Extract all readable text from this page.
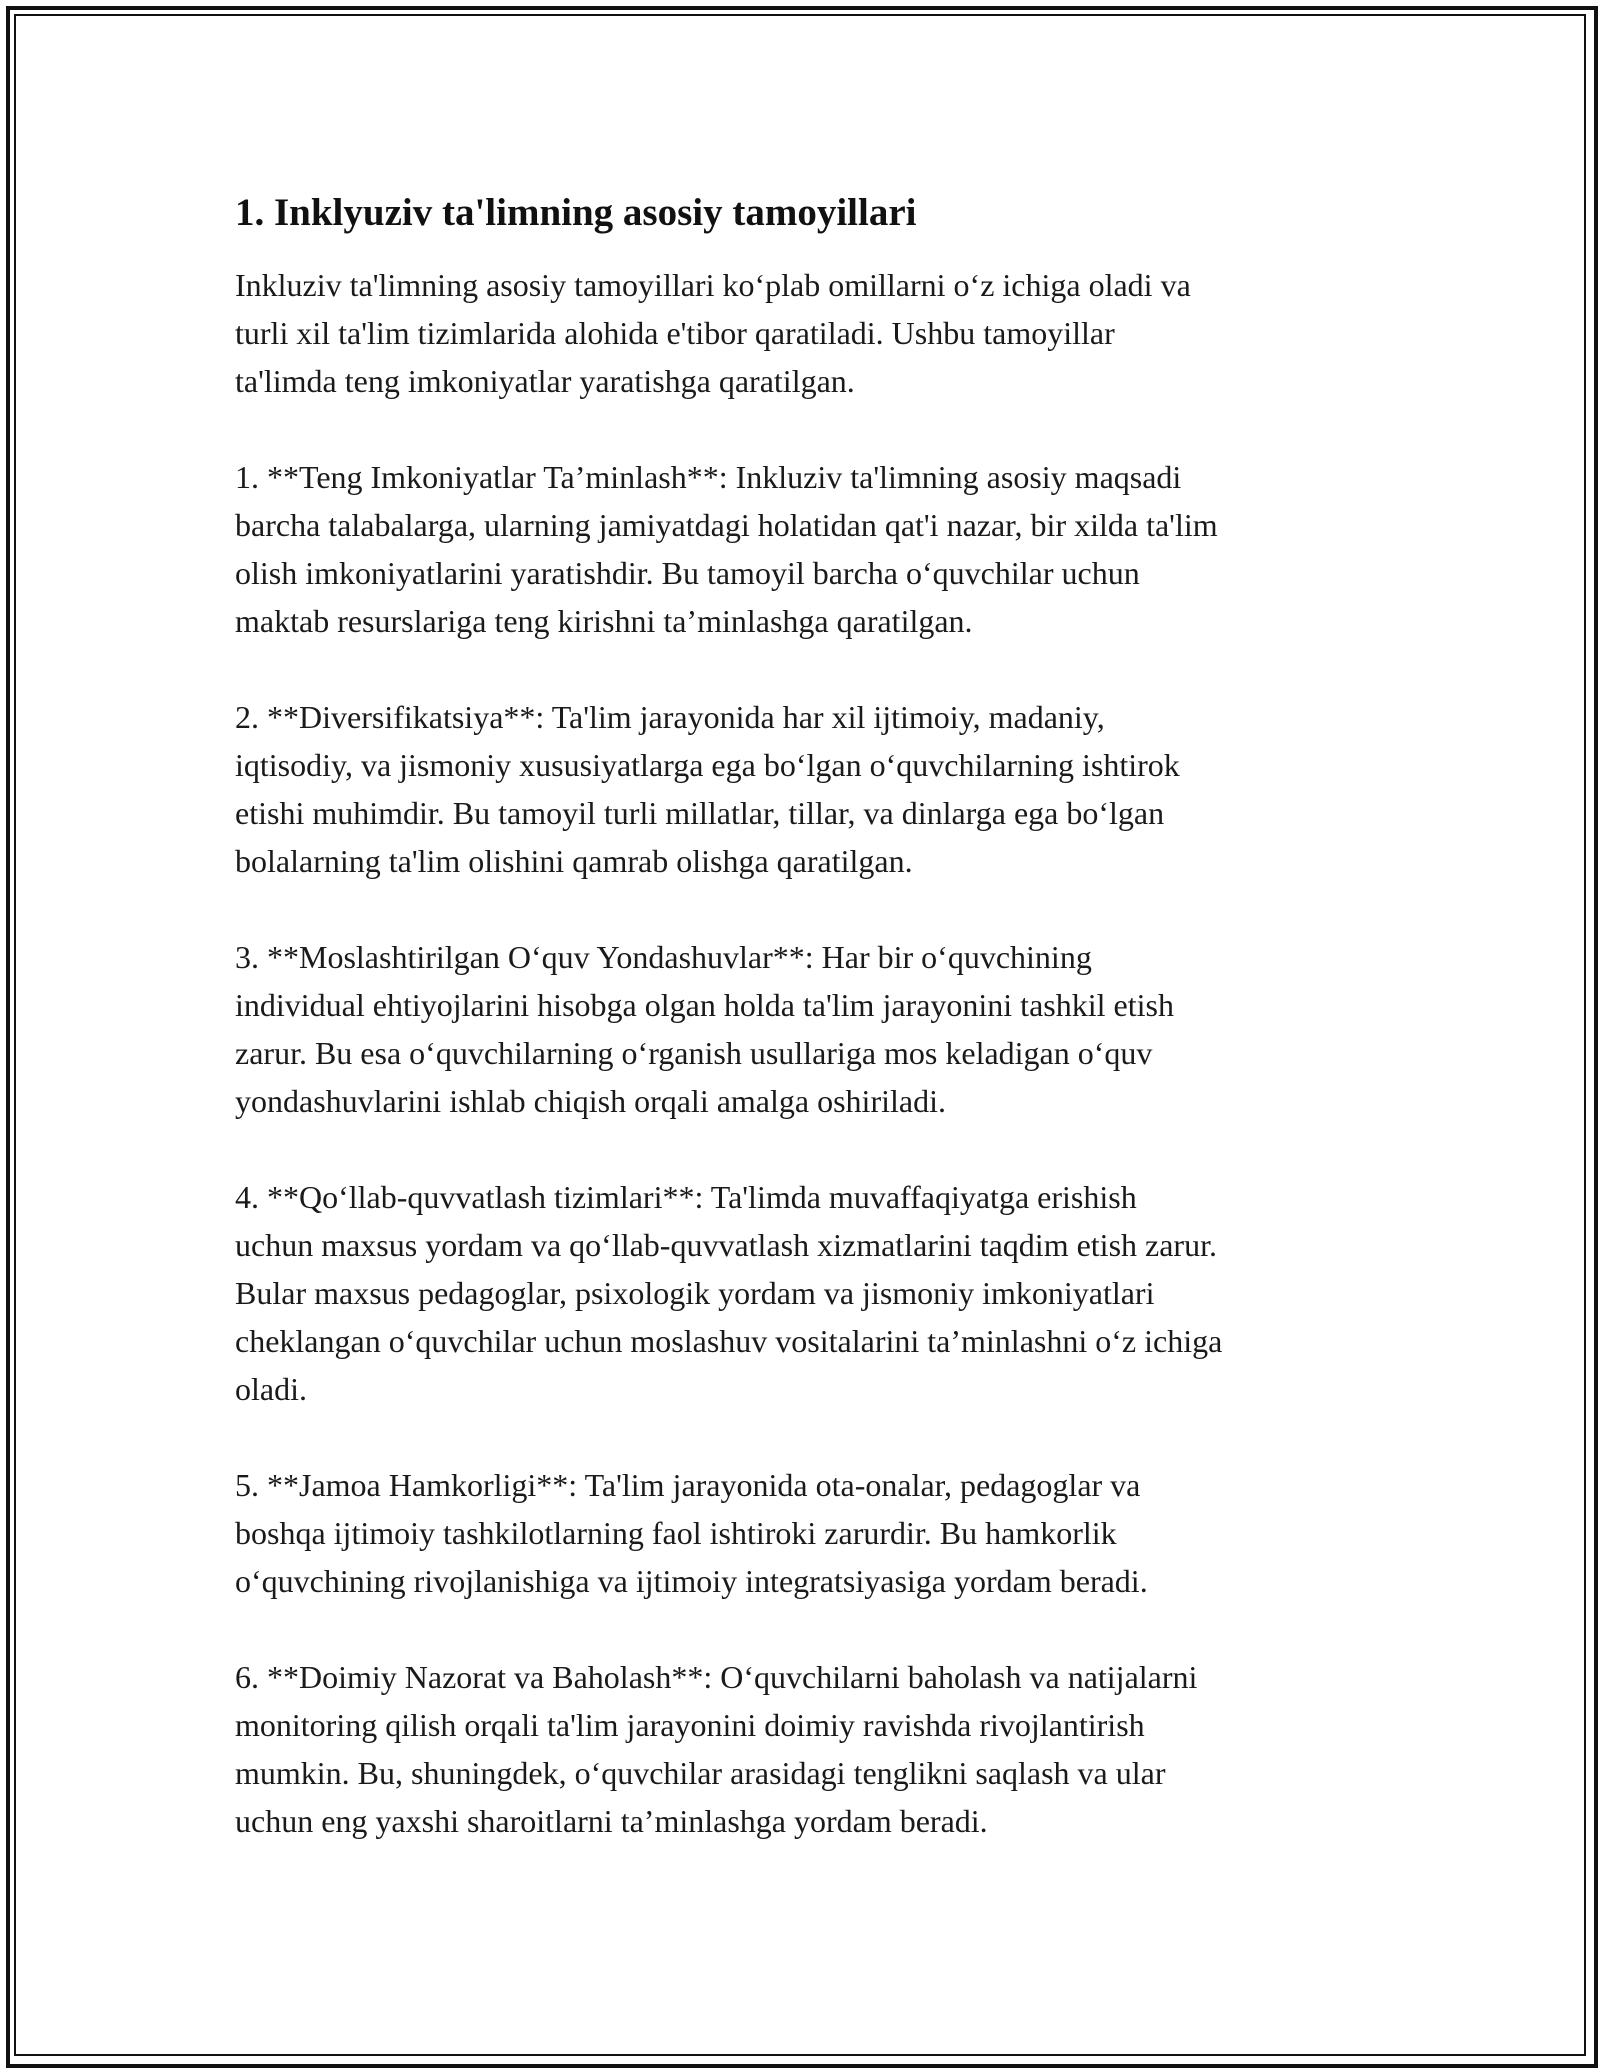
1. Inklyuziv ta'limning asosiy tamoyillari

Inkluziv ta'limning asosiy tamoyillari ko‘plab omillarni o‘z ichiga oladi va
turli xil ta'lim tizimlarida alohida e'tibor qaratiladi. Ushbu tamoyillar
ta'limda teng imkoniyatlar yaratishga qaratilgan.

1. **Teng Imkoniyatlar Ta’minlash**: Inkluziv ta'limning asosiy maqsadi
barcha talabalarga, ularning jamiyatdagi holatidan qat'i nazar, bir xilda ta'lim
olish imkoniyatlarini yaratishdir. Bu tamoyil barcha o‘quvchilar uchun
maktab resurslariga teng kirishni ta’minlashga qaratilgan.

2. **Diversifikatsiya**: Ta'lim jarayonida har xil ijtimoiy, madaniy,
iqtisodiy, va jismoniy xususiyatlarga ega bo‘lgan o‘quvchilarning ishtirok
etishi muhimdir. Bu tamoyil turli millatlar, tillar, va dinlarga ega bo‘lgan
bolalarning ta'lim olishini qamrab olishga qaratilgan.

3. **Moslashtirilgan O‘quv Yondashuvlar**: Har bir o‘quvchining
individual ehtiyojlarini hisobga olgan holda ta'lim jarayonini tashkil etish
zarur. Bu esa o‘quvchilarning o‘rganish usullariga mos keladigan o‘quv
yondashuvlarini ishlab chiqish orqali amalga oshiriladi.

4. **Qo‘llab-quvvatlash tizimlari**: Ta'limda muvaffaqiyatga erishish
uchun maxsus yordam va qo‘llab-quvvatlash xizmatlarini taqdim etish zarur.
Bular maxsus pedagoglar, psixologik yordam va jismoniy imkoniyatlari
cheklangan o‘quvchilar uchun moslashuv vositalarini ta’minlashni o‘z ichiga
oladi.

5. **Jamoa Hamkorligi**: Ta'lim jarayonida ota-onalar, pedagoglar va
boshqa ijtimoiy tashkilotlarning faol ishtiroki zarurdir. Bu hamkorlik
o‘quvchining rivojlanishiga va ijtimoiy integratsiyasiga yordam beradi.

6. **Doimiy Nazorat va Baholash**: O‘quvchilarni baholash va natijalarni
monitoring qilish orqali ta'lim jarayonini doimiy ravishda rivojlantirish
mumkin. Bu, shuningdek, o‘quvchilar arasidagi tenglikni saqlash va ular
uchun eng yaxshi sharoitlarni ta’minlashga yordam beradi.
